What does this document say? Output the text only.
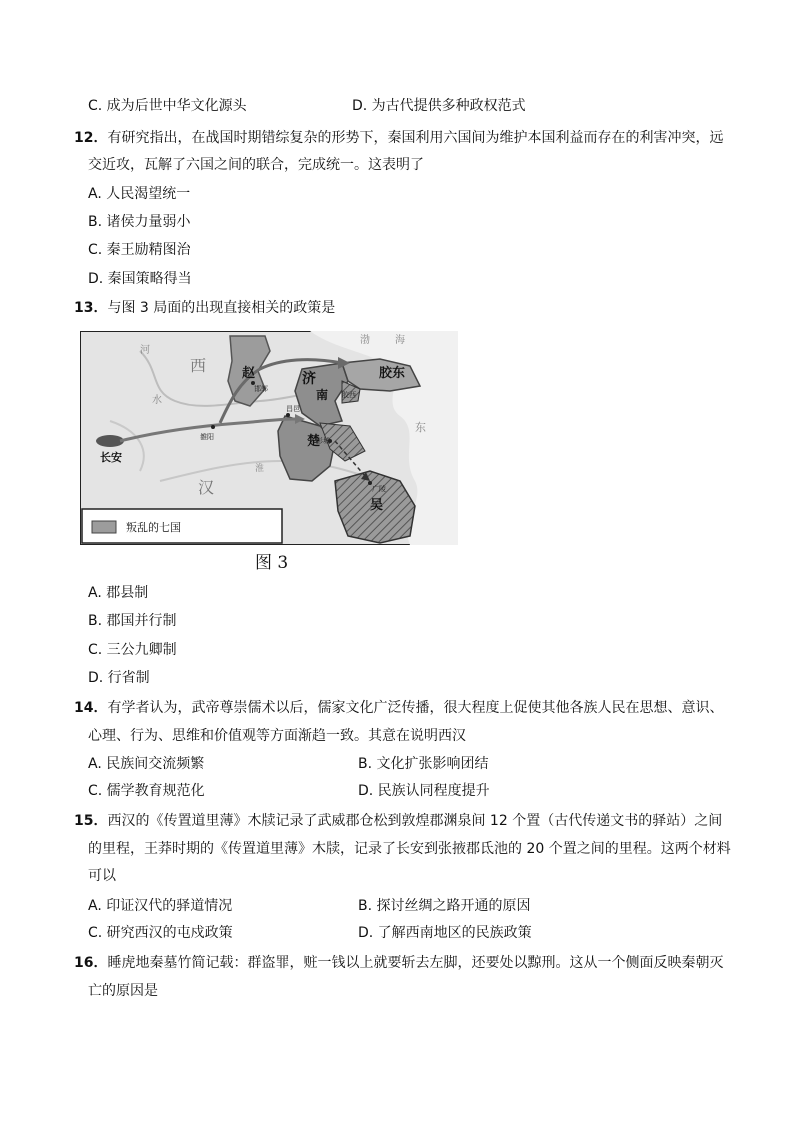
C. 成为后世中华文化源头	D. 为古代提供多种政权范式
12．有研究指出，在战国时期错综复杂的形势下，秦国利用六国间为维护本国利益而存在的利害冲突，远
交近攻，瓦解了六国之间的联合，完成统一。这表明了
A. 人民渴望统一
B. 诸侯力量弱小
C. 秦王励精图治
D. 秦国策略得当
13．与图 3 局面的出现直接相关的政策是
赵
邯郸
济
南
胶东
胶西
楚
吴
长安
雒阳
昌邑
彭城
广陵
西
汉
河
水
渤	海
东
淮
叛乱的七国
图 3
A. 郡县制
B. 郡国并行制
C. 三公九卿制
D. 行省制
14．有学者认为，武帝尊崇儒术以后，儒家文化广泛传播，很大程度上促使其他各族人民在思想、意识、
心理、行为、思维和价值观等方面渐趋一致。其意在说明西汉
A. 民族间交流频繁	B. 文化扩张影响团结
C. 儒学教育规范化	D. 民族认同程度提升
15．西汉的《传置道里薄》木牍记录了武威郡仓松到敦煌郡渊泉间 12 个置（古代传递文书的驿站）之间
的里程，王莽时期的《传置道里薄》木牍，记录了长安到张掖郡氐池的 20 个置之间的里程。这两个材料
可以
A. 印证汉代的驿道情况	B. 探讨丝绸之路开通的原因
C. 研究西汉的屯戍政策	D. 了解西南地区的民族政策
16．睡虎地秦墓竹简记载：群盗罪，赃一钱以上就要斩去左脚，还要处以黥刑。这从一个侧面反映秦朝灭
亡的原因是
